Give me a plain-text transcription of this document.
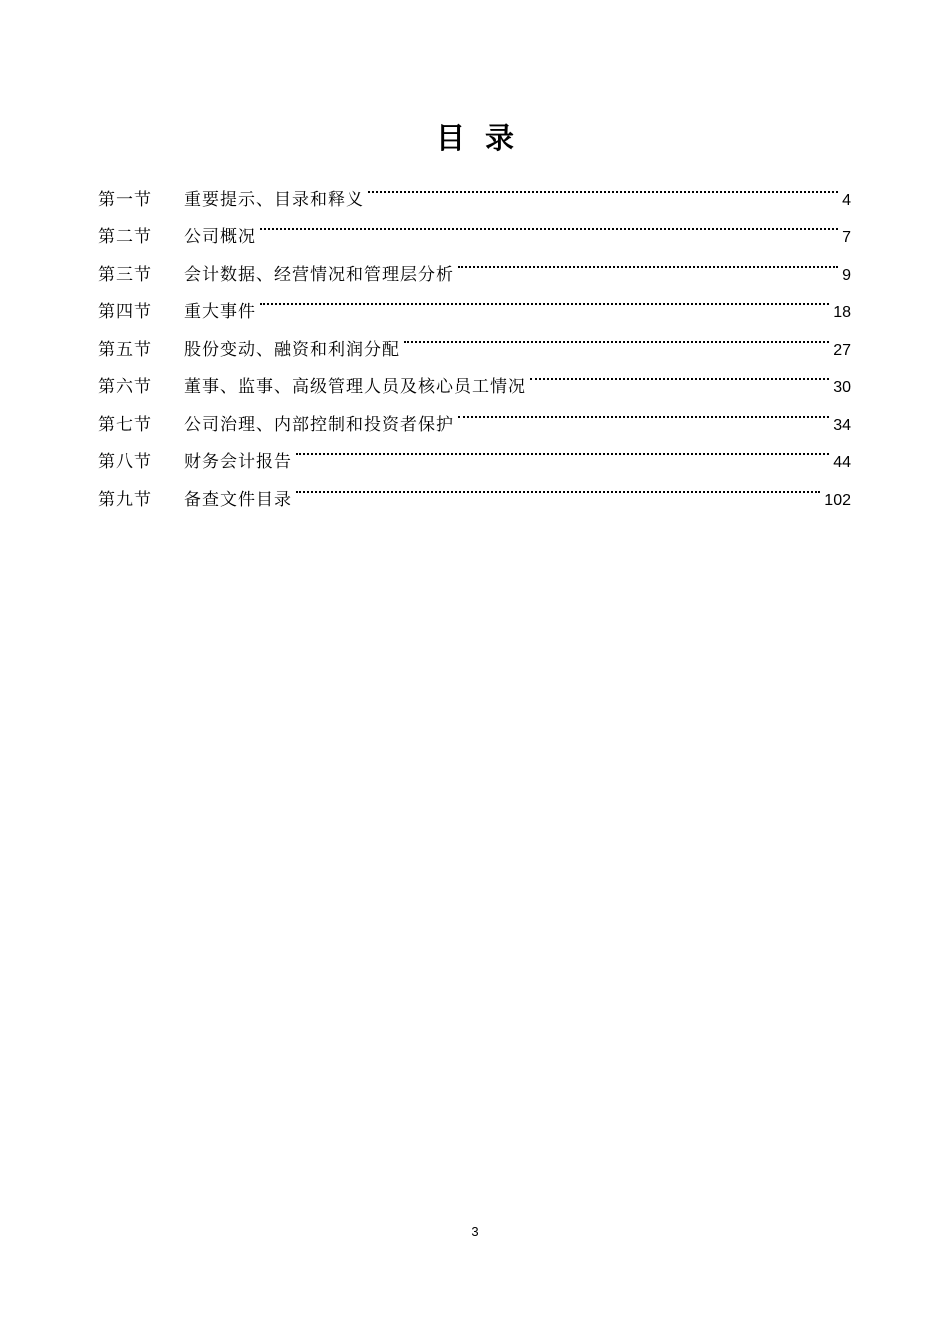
目录
第一节	重要提示、目录和释义	4
第二节	公司概况	7
第三节	会计数据、经营情况和管理层分析	9
第四节	重大事件	18
第五节	股份变动、融资和利润分配	27
第六节	董事、监事、高级管理人员及核心员工情况	30
第七节	公司治理、内部控制和投资者保护	34
第八节	财务会计报告	44
第九节	备查文件目录	102
3
